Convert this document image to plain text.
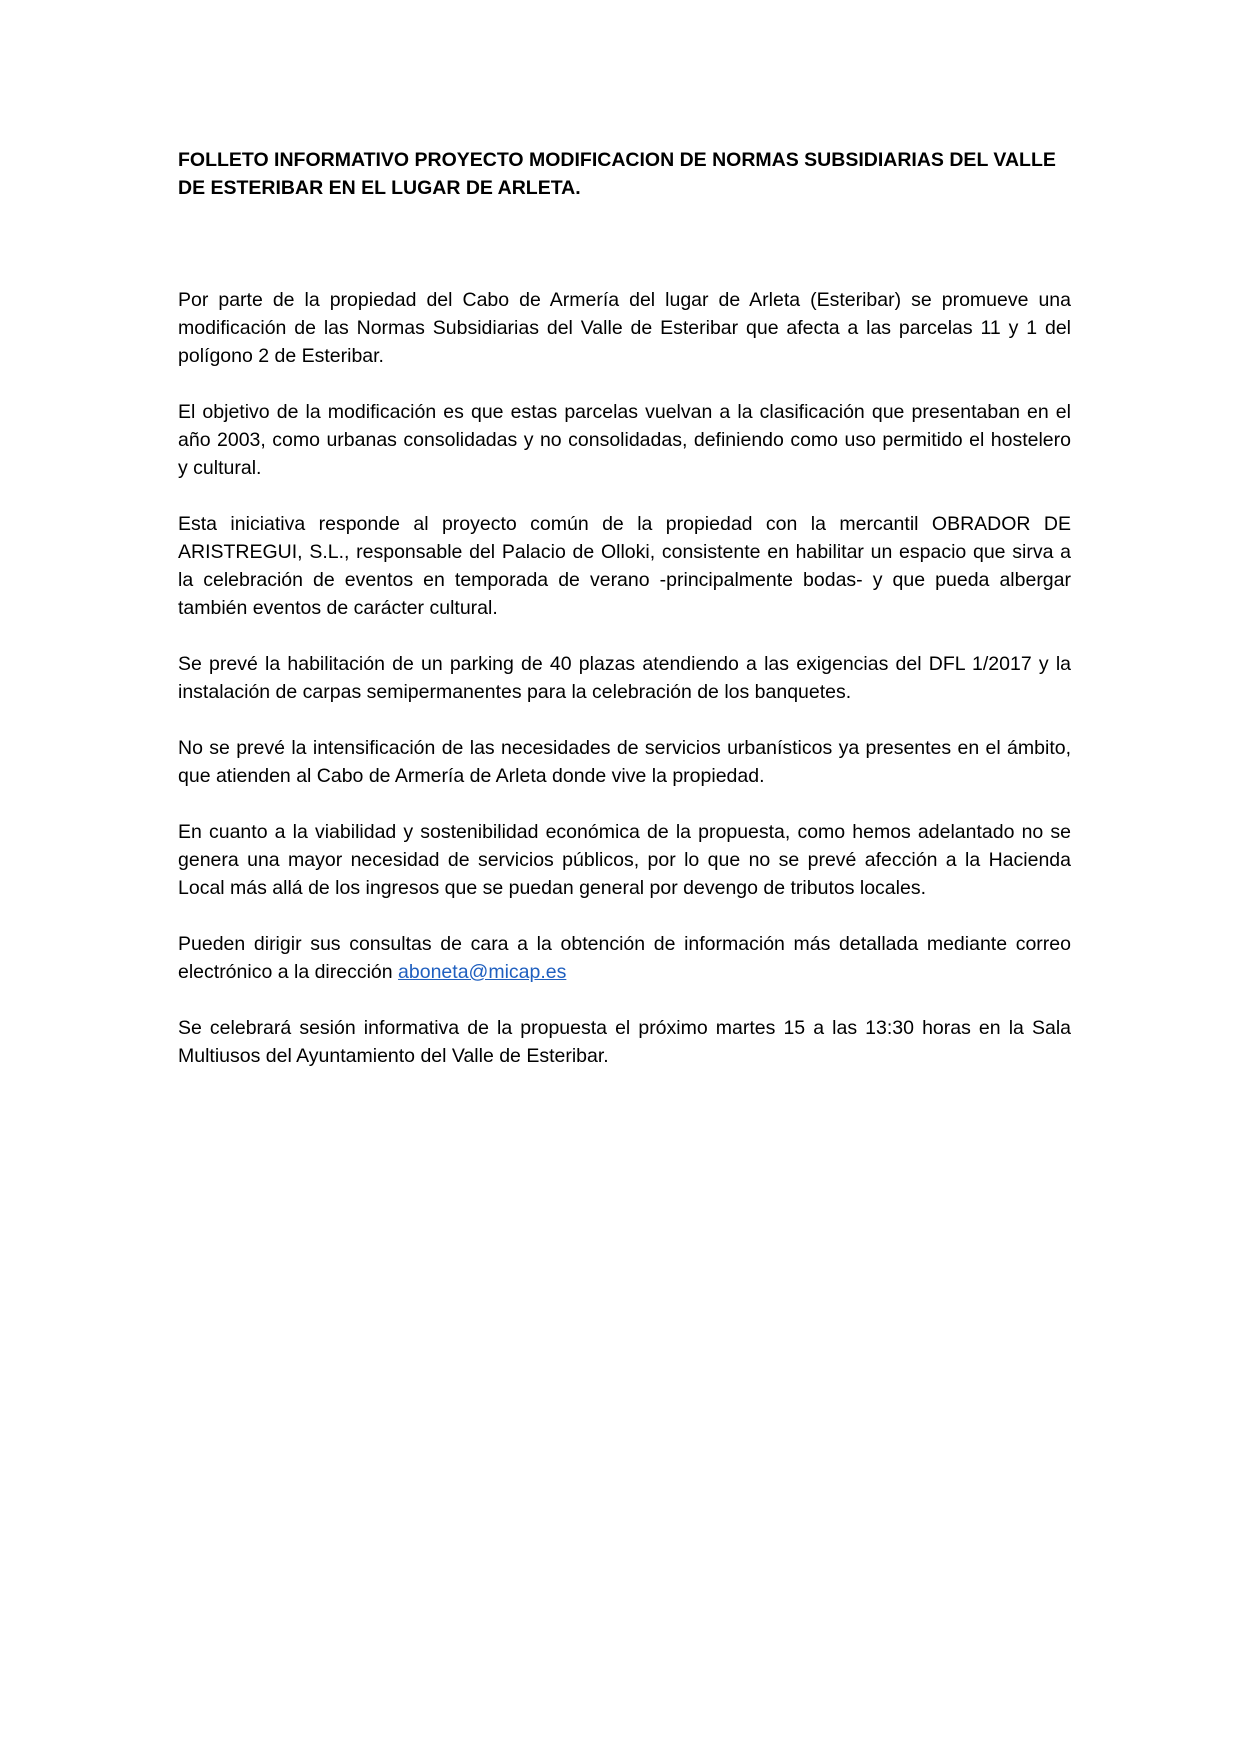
FOLLETO INFORMATIVO PROYECTO MODIFICACION DE NORMAS SUBSIDIARIAS DEL VALLE DE ESTERIBAR EN EL LUGAR DE ARLETA.

Por parte de la propiedad del Cabo de Armería del lugar de Arleta (Esteribar) se promueve una modificación de las Normas Subsidiarias del Valle de Esteribar que afecta a las parcelas 11 y 1 del polígono 2 de Esteribar.

El objetivo de la modificación es que estas parcelas vuelvan a la clasificación que presentaban en el año 2003, como urbanas consolidadas y no consolidadas, definiendo como uso permitido el hostelero y cultural.

Esta iniciativa responde al proyecto común de la propiedad con la mercantil OBRADOR DE ARISTREGUI, S.L., responsable del Palacio de Olloki, consistente en habilitar un espacio que sirva a la celebración de eventos en temporada de verano -principalmente bodas- y que pueda albergar también eventos de carácter cultural.

Se prevé la habilitación de un parking de 40 plazas atendiendo a las exigencias del DFL 1/2017 y la instalación de carpas semipermanentes para la celebración de los banquetes.

No se prevé la intensificación de las necesidades de servicios urbanísticos ya presentes en el ámbito, que atienden al Cabo de Armería de Arleta donde vive la propiedad.

En cuanto a la viabilidad y sostenibilidad económica de la propuesta, como hemos adelantado no se genera una mayor necesidad de servicios públicos, por lo que no se prevé afección a la Hacienda Local más allá de los ingresos que se puedan general por devengo de tributos locales.

Pueden dirigir sus consultas de cara a la obtención de información más detallada mediante correo electrónico a la dirección aboneta@micap.es

Se celebrará sesión informativa de la propuesta el próximo martes 15 a las 13:30 horas en la Sala Multiusos del Ayuntamiento del Valle de Esteribar.
